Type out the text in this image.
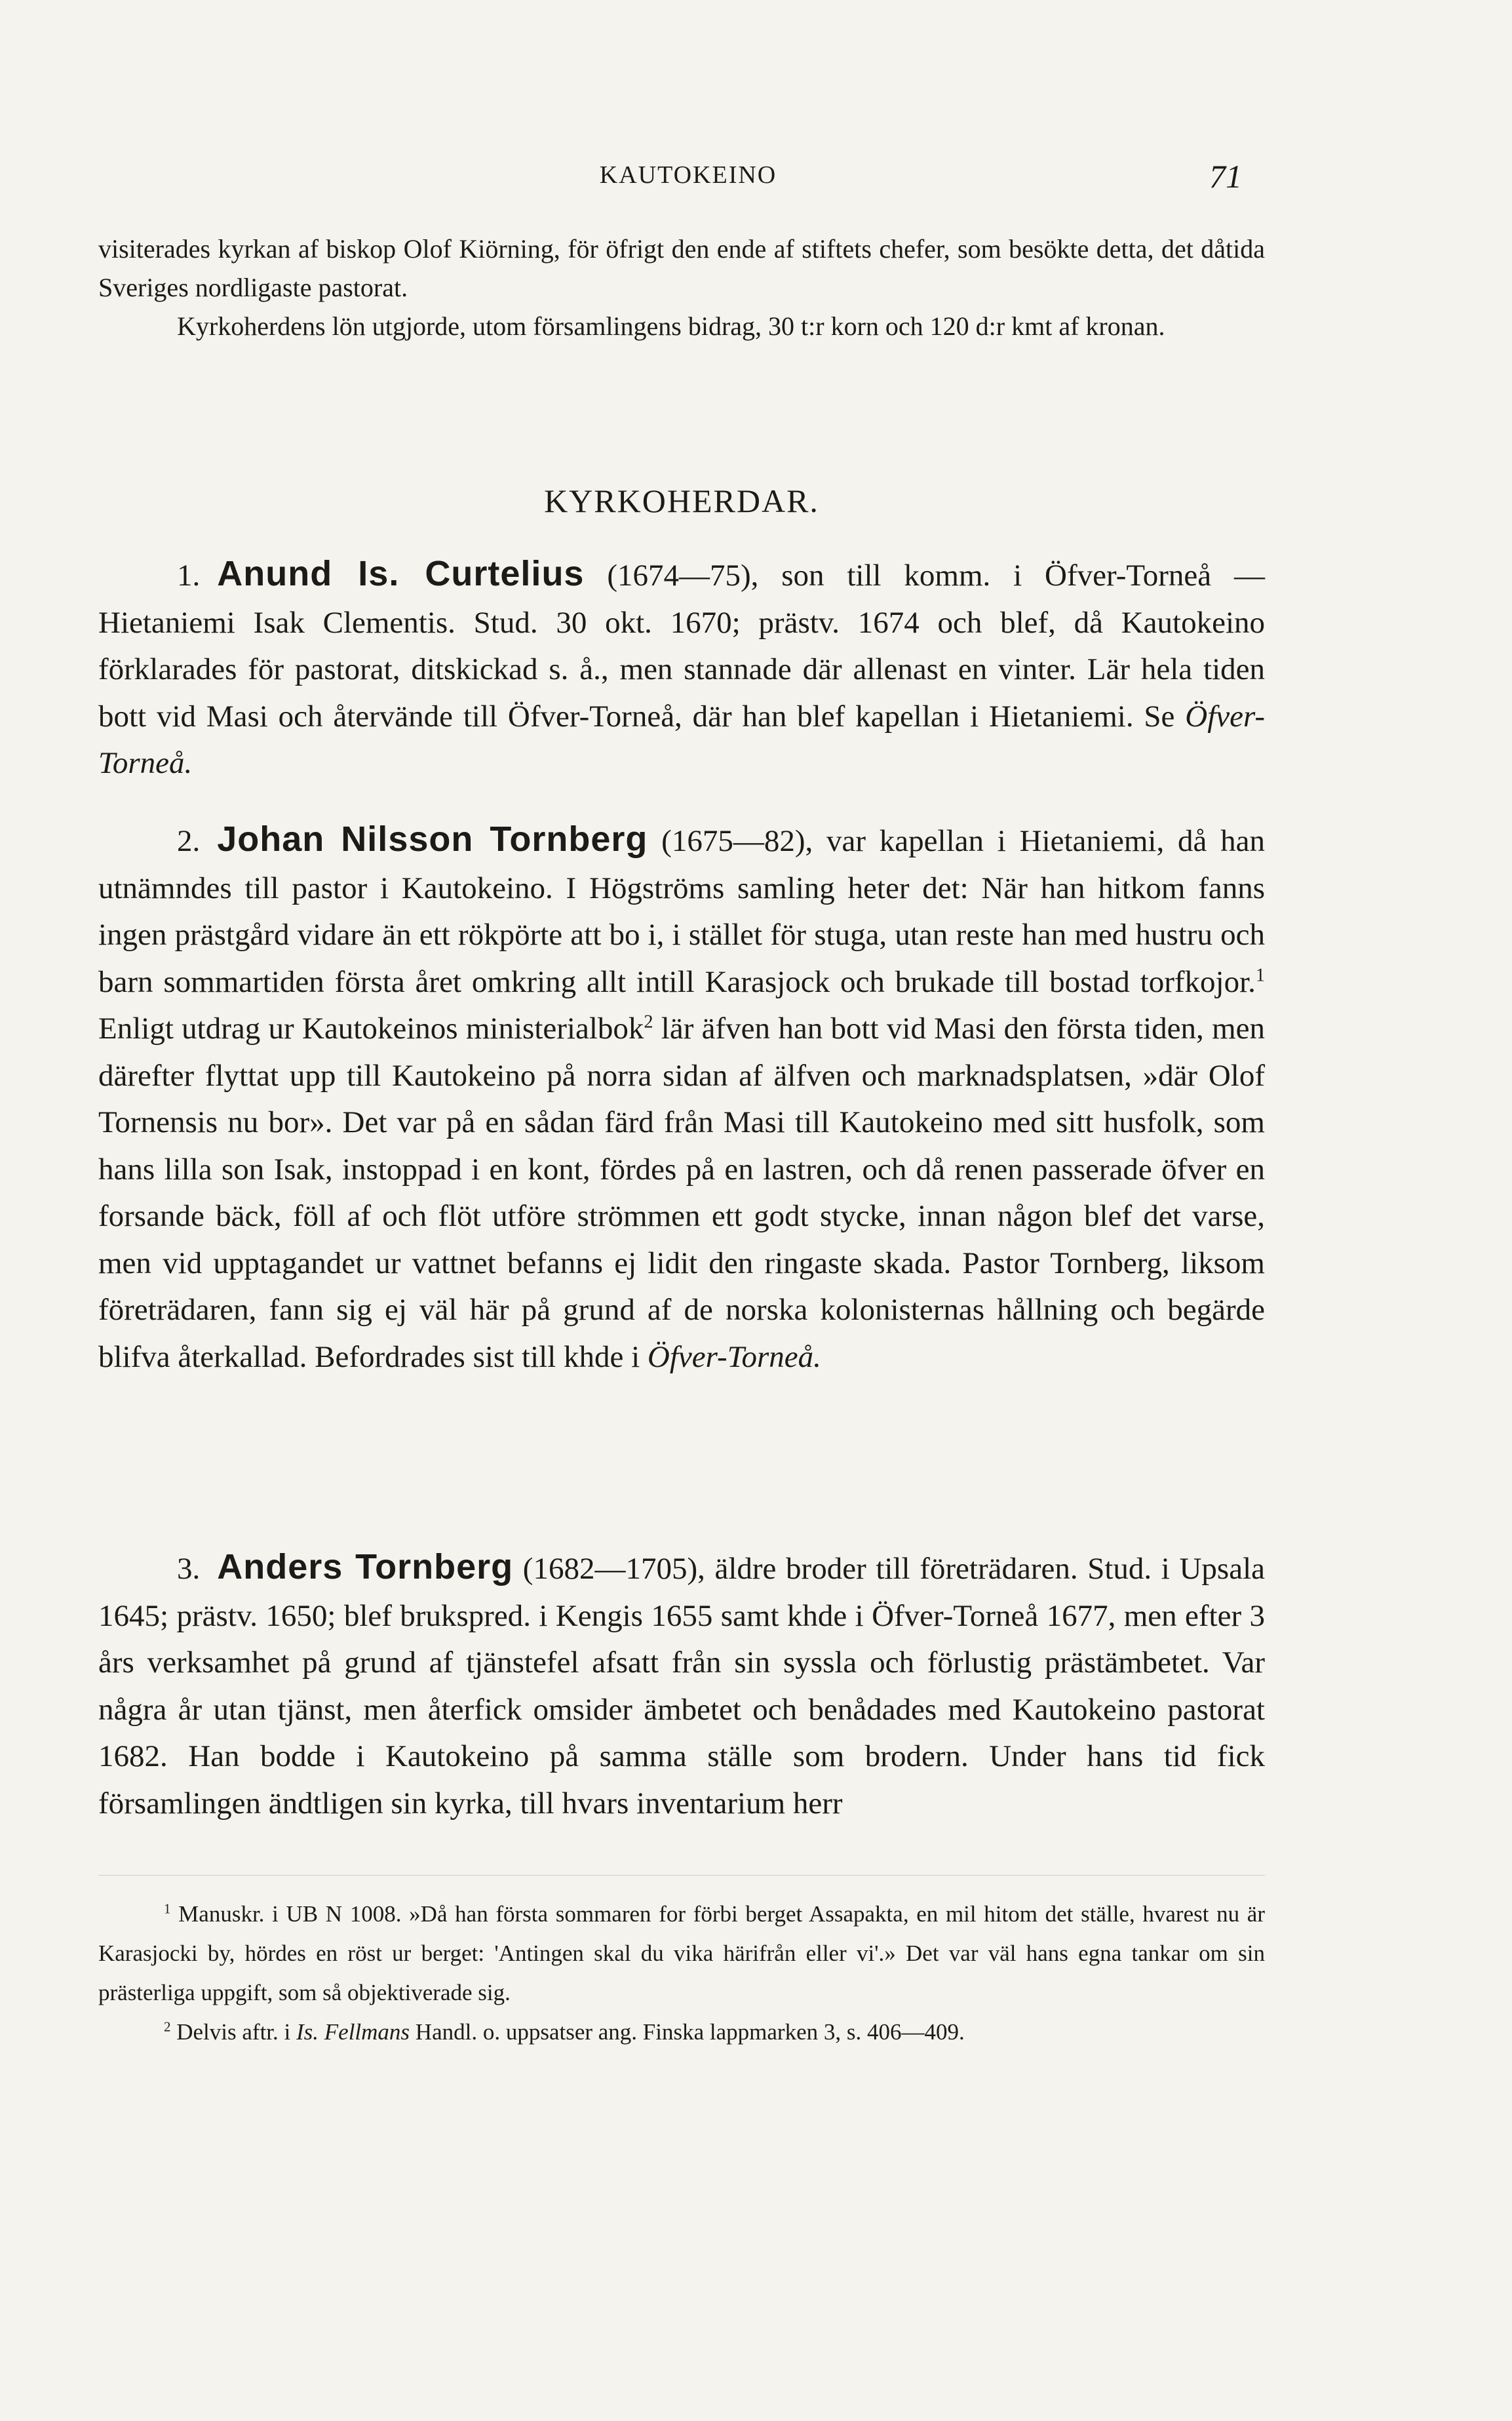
KAUTOKEINO	71

visiterades kyrkan af biskop Olof Kiörning, för öfrigt den ende af stiftets chefer, som besökte detta, det dåtida Sveriges nordligaste pastorat.

Kyrkoherdens lön utgjorde, utom församlingens bidrag, 30 t:r korn och 120 d:r kmt af kronan.

KYRKOHERDAR.

1. Anund Is. Curtelius (1674—75), son till komm. i Öfver-Torneå —Hietaniemi Isak Clementis. Stud. 30 okt. 1670; prästv. 1674 och blef, då Kautokeino förklarades för pastorat, ditskickad s. å., men stannade där allenast en vinter. Lär hela tiden bott vid Masi och återvände till Öfver-Torneå, där han blef kapellan i Hietaniemi. Se Öfver-Torneå.

2. Johan Nilsson Tornberg (1675—82), var kapellan i Hietaniemi, då han utnämndes till pastor i Kautokeino. I Högströms samling heter det: När han hitkom fanns ingen prästgård vidare än ett rökpörte att bo i, i stället för stuga, utan reste han med hustru och barn sommartiden första året omkring allt intill Karasjock och brukade till bostad torfkojor.$^1$ Enligt utdrag ur Kautokeinos ministerialbok$^2$ lär äfven han bott vid Masi den första tiden, men därefter flyttat upp till Kautokeino på norra sidan af älfven och marknadsplatsen, »där Olof Tornensis nu bor». Det var på en sådan färd från Masi till Kautokeino med sitt husfolk, som hans lilla son Isak, instoppad i en kont, fördes på en lastren, och då renen passerade öfver en forsande bäck, föll af och flöt utföre strömmen ett godt stycke, innan någon blef det varse, men vid upptagandet ur vattnet befanns ej lidit den ringaste skada. Pastor Tornberg, liksom företrädaren, fann sig ej väl här på grund af de norska kolonisternas hållning och begärde blifva återkallad. Befordrades sist till khde i Öfver-Torneå.

3. Anders Tornberg (1682—1705), äldre broder till företrädaren. Stud. i Upsala 1645; prästv. 1650; blef brukspred. i Kengis 1655 samt khde i Öfver-Torneå 1677, men efter 3 års verksamhet på grund af tjänstefel afsatt från sin syssla och förlustig prästämbetet. Var några år utan tjänst, men återfick omsider ämbetet och benådades med Kautokeino pastorat 1682. Han bodde i Kautokeino på samma ställe som brodern. Under hans tid fick församlingen ändtligen sin kyrka, till hvars inventarium herr

$^1$ Manuskr. i UB N 1008. »Då han första sommaren for förbi berget Assapakta, en mil hitom det ställe, hvarest nu är Karasjocki by, hördes en röst ur berget: 'Antingen skal du vika härifrån eller vi'.» Det var väl hans egna tankar om sin prästerliga uppgift, som så objektiverade sig.

$^2$ Delvis aftr. i Is. Fellmans Handl. o. uppsatser ang. Finska lappmarken 3, s. 406—409.
